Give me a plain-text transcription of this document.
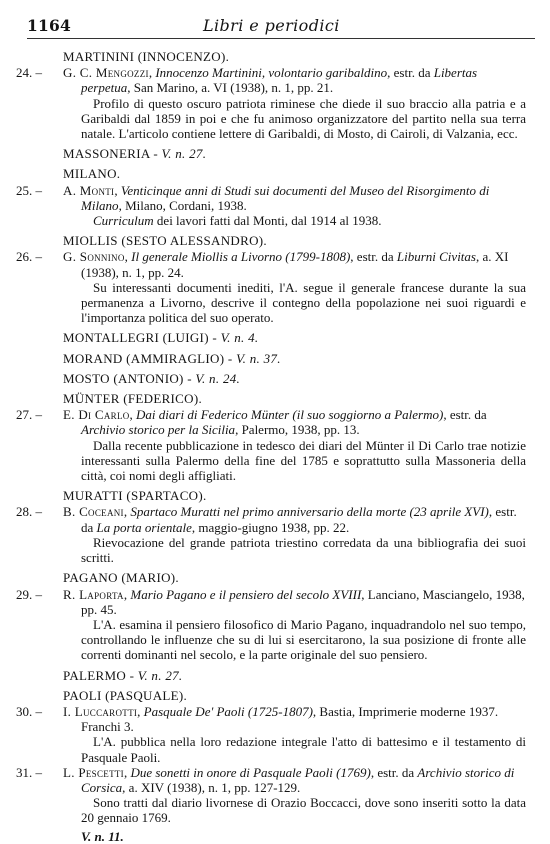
1164	Libri e periodici
MARTININI (INNOCENZO).
24. –	G. C. Mengozzi, Innocenzo Martinini, volontario garibaldino, estr. da Libertas perpetua, San Marino, a. VI (1938), n. 1, pp. 21.
Profilo di questo oscuro patriota riminese che diede il suo braccio alla patria e a Garibaldi dal 1859 in poi e che fu animoso organizzatore del partito nella sua terra natale. L'articolo contiene lettere di Garibaldi, di Mosto, di Cairoli, di Valzania, ecc.
MASSONERIA - V. n. 27.
MILANO.
25. –	A. Monti, Venticinque anni di Studi sui documenti del Museo del Risorgimento di Milano, Milano, Cordani, 1938.
Curriculum dei lavori fatti dal Monti, dal 1914 al 1938.
MIOLLIS (SESTO ALESSANDRO).
26. –	G. Sonnino, Il generale Miollis a Livorno (1799-1808), estr. da Liburni Civitas, a. XI (1938), n. 1, pp. 24.
Su interessanti documenti inediti, l'A. segue il generale francese durante la sua permanenza a Livorno, descrive il contegno della popolazione nei suoi riguardi e l'importanza politica del suo operato.
MONTALLEGRI (LUIGI) - V. n. 4.
MORAND (AMMIRAGLIO) - V. n. 37.
MOSTO (ANTONIO) - V. n. 24.
MÜNTER (FEDERICO).
27. –	E. Di Carlo, Dai diari di Federico Münter (il suo soggiorno a Palermo), estr. da Archivio storico per la Sicilia, Palermo, 1938, pp. 13.
Dalla recente pubblicazione in tedesco dei diari del Münter il Di Carlo trae notizie interessanti sulla Palermo della fine del 1785 e soprattutto sulla Massoneria della città, coi nomi degli affigliati.
MURATTI (SPARTACO).
28. –	B. Coceani, Spartaco Muratti nel primo anniversario della morte (23 aprile XVI), estr. da La porta orientale, maggio-giugno 1938, pp. 22.
Rievocazione del grande patriota triestino corredata da una bibliografia dei suoi scritti.
PAGANO (MARIO).
29. –	R. Laporta, Mario Pagano e il pensiero del secolo XVIII, Lanciano, Masciangelo, 1938, pp. 45.
L'A. esamina il pensiero filosofico di Mario Pagano, inquadrandolo nel suo tempo, controllando le influenze che su di lui si esercitarono, la sua posizione di fronte alle correnti dominanti nel secolo, e la parte originale del suo pensiero.
PALERMO - V. n. 27.
PAOLI (PASQUALE).
30. –	I. Luccarotti, Pasquale De' Paoli (1725-1807), Bastia, Imprimerie moderne 1937. Franchi 3.
L'A. pubblica nella loro redazione integrale l'atto di battesimo e il testamento di Pasquale Paoli.
31. –	L. Pescetti, Due sonetti in onore di Pasquale Paoli (1769), estr. da Archivio storico di Corsica, a. XIV (1938), n. 1, pp. 127-129.
Sono tratti dal diario livornese di Orazio Boccacci, dove sono inseriti sotto la data 20 gennaio 1769.
V. n. 11.
